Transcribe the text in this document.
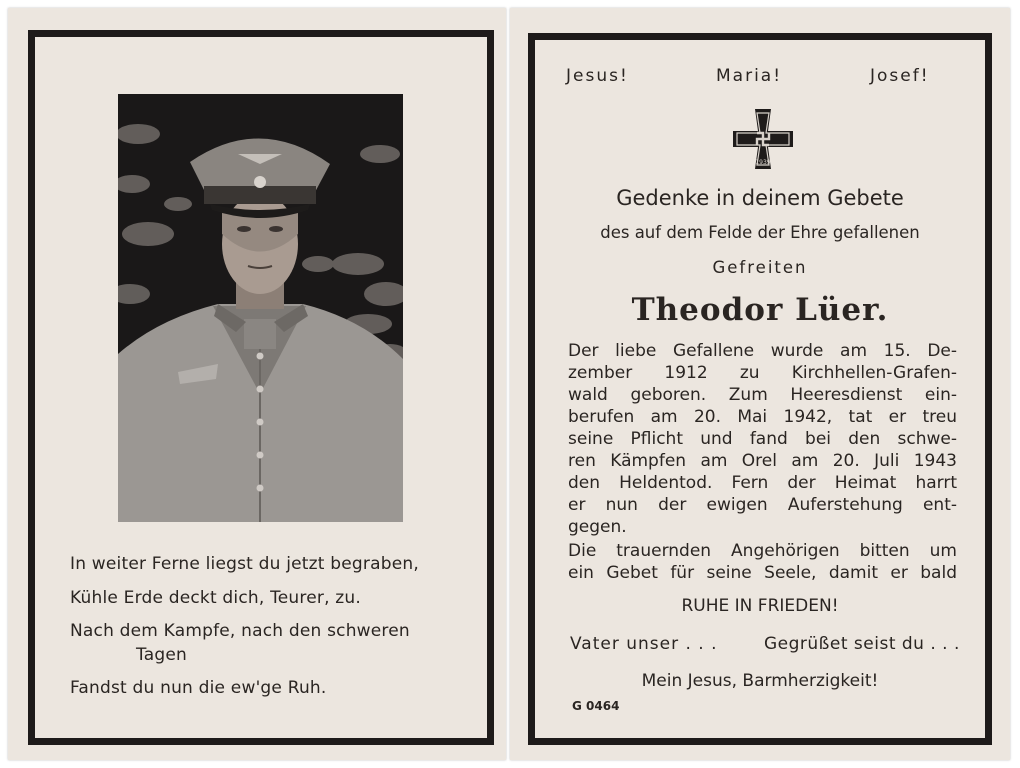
In weiter Ferne liegst du jetzt begraben,
Kühle Erde deckt dich, Teurer, zu.
Nach dem Kampfe, nach den schweren
Tagen
Fandst du nun die ew'ge Ruh.
Jesus!	Maria!	Josef!
1939
Gedenke in deinem Gebete
des auf dem Felde der Ehre gefallenen
Gefreiten
Theodor Lüer.
Der liebe Gefallene wurde am 15. De-
zember 1912 zu Kirchhellen-Grafen-
wald geboren. Zum Heeresdienst ein-
berufen am 20. Mai 1942, tat er treu
seine Pflicht und fand bei den schwe-
ren Kämpfen am Orel am 20. Juli 1943
den Heldentod. Fern der Heimat harrt
er nun der ewigen Auferstehung ent-
gegen.
Die trauernden Angehörigen bitten um
ein Gebet für seine Seele, damit er bald
RUHE IN FRIEDEN!
Vater unser . . .	Gegrüßet seist du . . .
Mein Jesus, Barmherzigkeit!
G 0464
